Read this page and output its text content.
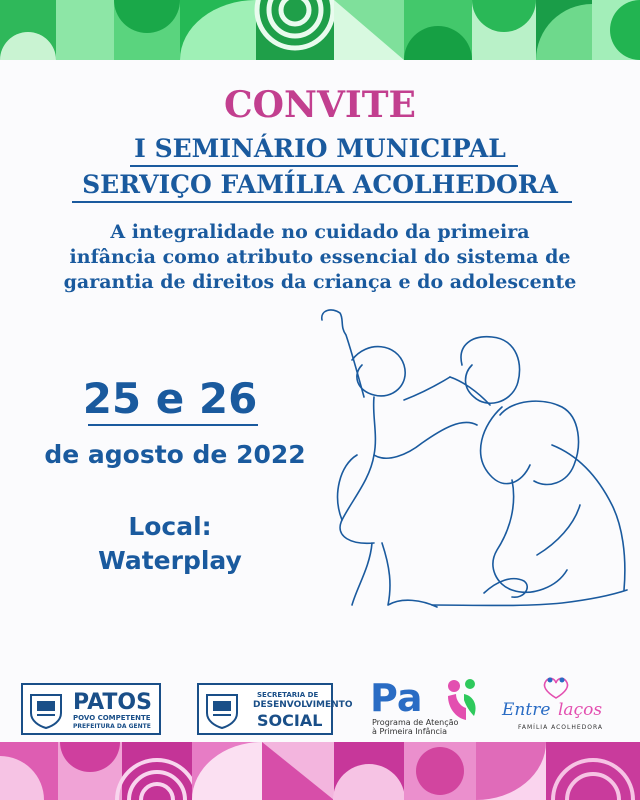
CONVITE
I SEMINÁRIO MUNICIPAL
SERVIÇO FAMÍLIA ACOLHEDORA
A integralidade no cuidado da primeira
infância como atributo essencial do sistema de
garantia de direitos da criança e do adolescente
25 e 26
de agosto de 2022
Local:
Waterplay
PATOS
POVO COMPETENTE
PREFEITURA DA GENTE
SECRETARIA DE
DESENVOLVIMENTO
SOCIAL
Pa
Programa de Atenção
à Primeira Infância
Entre laços
FAMÍLIA ACOLHEDORA
